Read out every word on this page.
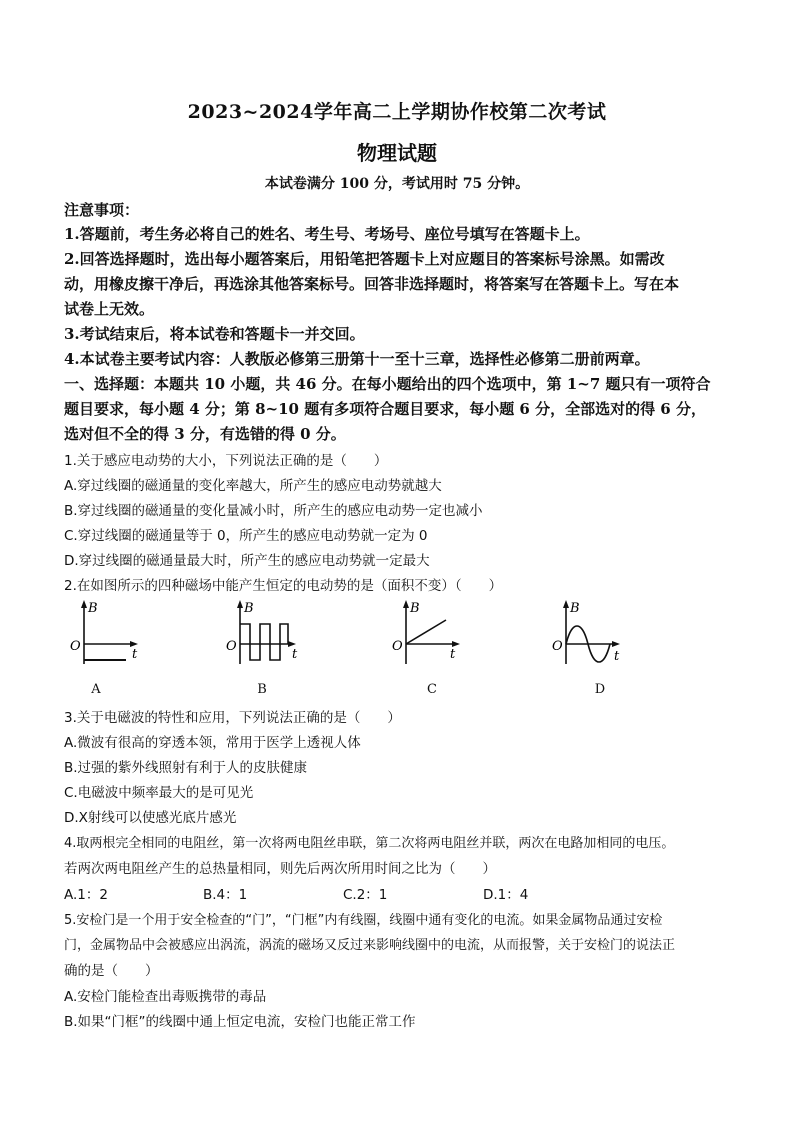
2023~2024学年高二上学期协作校第二次考试
物理试题
本试卷满分 100 分，考试用时 75 分钟。
注意事项：
1.答题前，考生务必将自己的姓名、考生号、考场号、座位号填写在答题卡上。
2.回答选择题时，选出每小题答案后，用铅笔把答题卡上对应题目的答案标号涂黑。如需改
动，用橡皮擦干净后，再选涂其他答案标号。回答非选择题时，将答案写在答题卡上。写在本
试卷上无效。
3.考试结束后，将本试卷和答题卡一并交回。
4.本试卷主要考试内容：人教版必修第三册第十一至十三章，选择性必修第二册前两章。
一、选择题：本题共 10 小题，共 46 分。在每小题给出的四个选项中，第 1~7 题只有一项符合
题目要求，每小题 4 分；第 8~10 题有多项符合题目要求，每小题 6 分，全部选对的得 6 分，
选对但不全的得 3 分，有选错的得 0 分。
1.关于感应电动势的大小，下列说法正确的是（　　）
A.穿过线圈的磁通量的变化率越大，所产生的感应电动势就越大
B.穿过线圈的磁通量的变化量减小时，所产生的感应电动势一定也减小
C.穿过线圈的磁通量等于 0，所产生的感应电动势就一定为 0
D.穿过线圈的磁通量最大时，所产生的感应电动势就一定最大
2.在如图所示的四种磁场中能产生恒定的电动势的是（面积不变）（　　）
B
O
t
B
O
t
B
O
t
B
O
t
A	B	C	D
3.关于电磁波的特性和应用，下列说法正确的是（　　）
A.微波有很高的穿透本领，常用于医学上透视人体
B.过强的紫外线照射有利于人的皮肤健康
C.电磁波中频率最大的是可见光
D.X射线可以使感光底片感光
4.取两根完全相同的电阻丝，第一次将两电阻丝串联，第二次将两电阻丝并联，两次在电路加相同的电压。
若两次两电阻丝产生的总热量相同，则先后两次所用时间之比为（　　）
A.1：2	B.4：1	C.2：1	D.1：4
5.安检门是一个用于安全检查的“门”，“门框”内有线圈，线圈中通有变化的电流。如果金属物品通过安检
门，金属物品中会被感应出涡流，涡流的磁场又反过来影响线圈中的电流，从而报警，关于安检门的说法正
确的是（　　）
A.安检门能检查出毒贩携带的毒品
B.如果“门框”的线圈中通上恒定电流，安检门也能正常工作
